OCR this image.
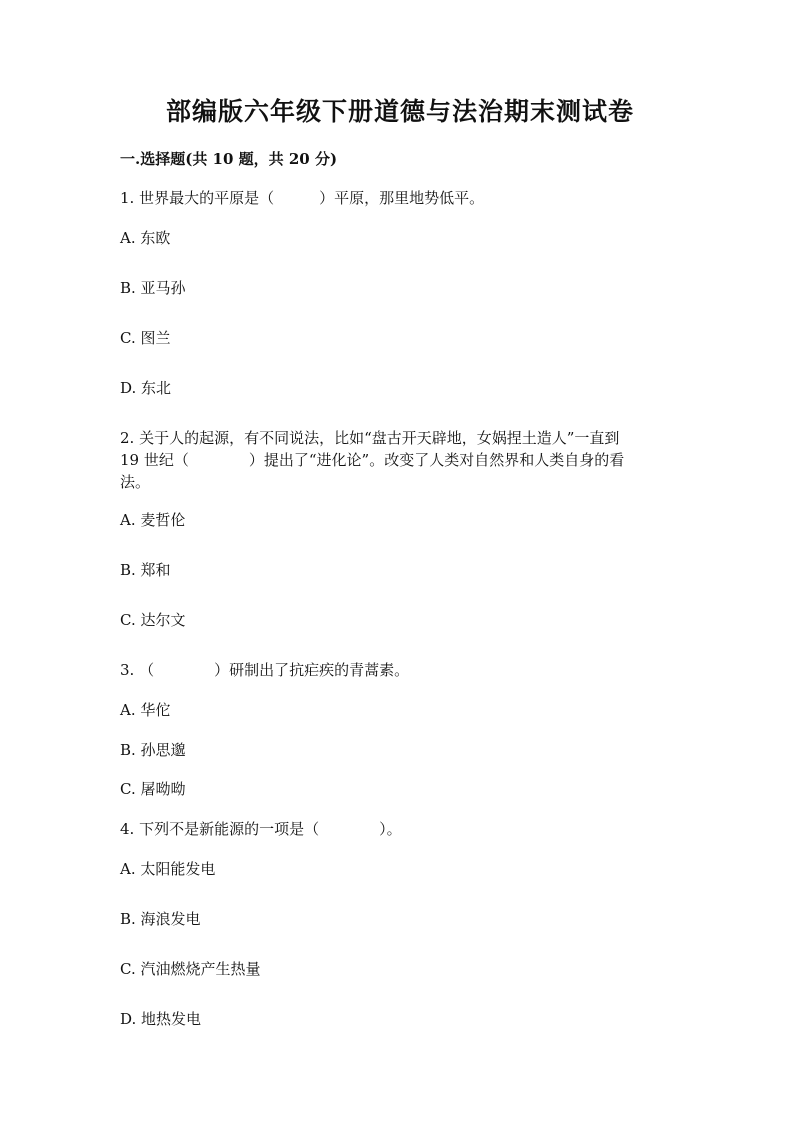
部编版六年级下册道德与法治期末测试卷
一.选择题(共 10 题，共 20 分)

1. 世界最大的平原是（　　　）平原，那里地势低平。

A. 东欧

B. 亚马孙

C. 图兰

D. 东北

2. 关于人的起源，有不同说法，比如“盘古开天辟地，女娲捏土造人”一直到

19 世纪（　　　　）提出了“进化论”。改变了人类对自然界和人类自身的看

法。

A. 麦哲伦

B. 郑和

C. 达尔文

3. （　　　　）研制出了抗疟疾的青蒿素。

A. 华佗

B. 孙思邈

C. 屠呦呦

4. 下列不是新能源的一项是（　　　　）。

A. 太阳能发电

B. 海浪发电

C. 汽油燃烧产生热量

D. 地热发电
